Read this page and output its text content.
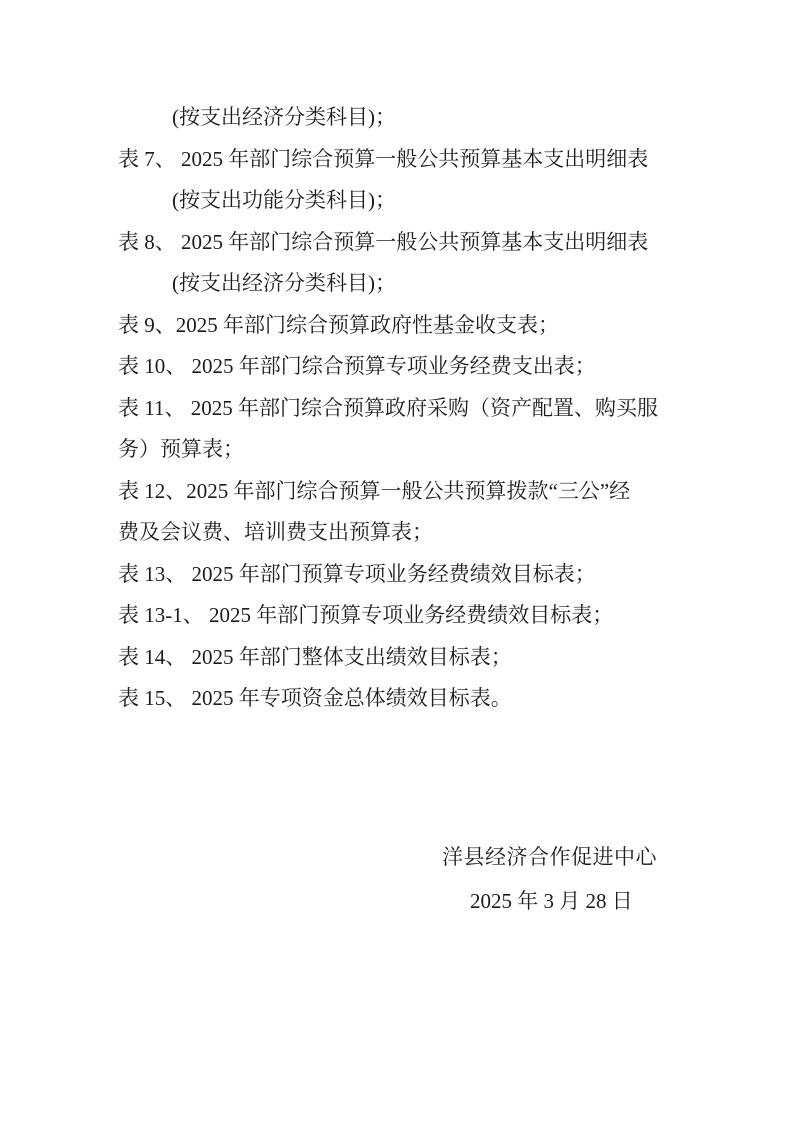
(按支出经济分类科目)；
表 7、 2025 年部门综合预算一般公共预算基本支出明细表
(按支出功能分类科目)；
表 8、 2025 年部门综合预算一般公共预算基本支出明细表
(按支出经济分类科目)；
表 9、2025 年部门综合预算政府性基金收支表；
表 10、 2025 年部门综合预算专项业务经费支出表；
表 11、 2025 年部门综合预算政府采购（资产配置、购买服
务）预算表；
表 12、2025 年部门综合预算一般公共预算拨款“三公”经
费及会议费、培训费支出预算表；
表 13、 2025 年部门预算专项业务经费绩效目标表；
表 13-1、 2025 年部门预算专项业务经费绩效目标表；
表 14、 2025 年部门整体支出绩效目标表；
表 15、 2025 年专项资金总体绩效目标表。
洋县经济合作促进中心
2025 年 3 月 28 日
